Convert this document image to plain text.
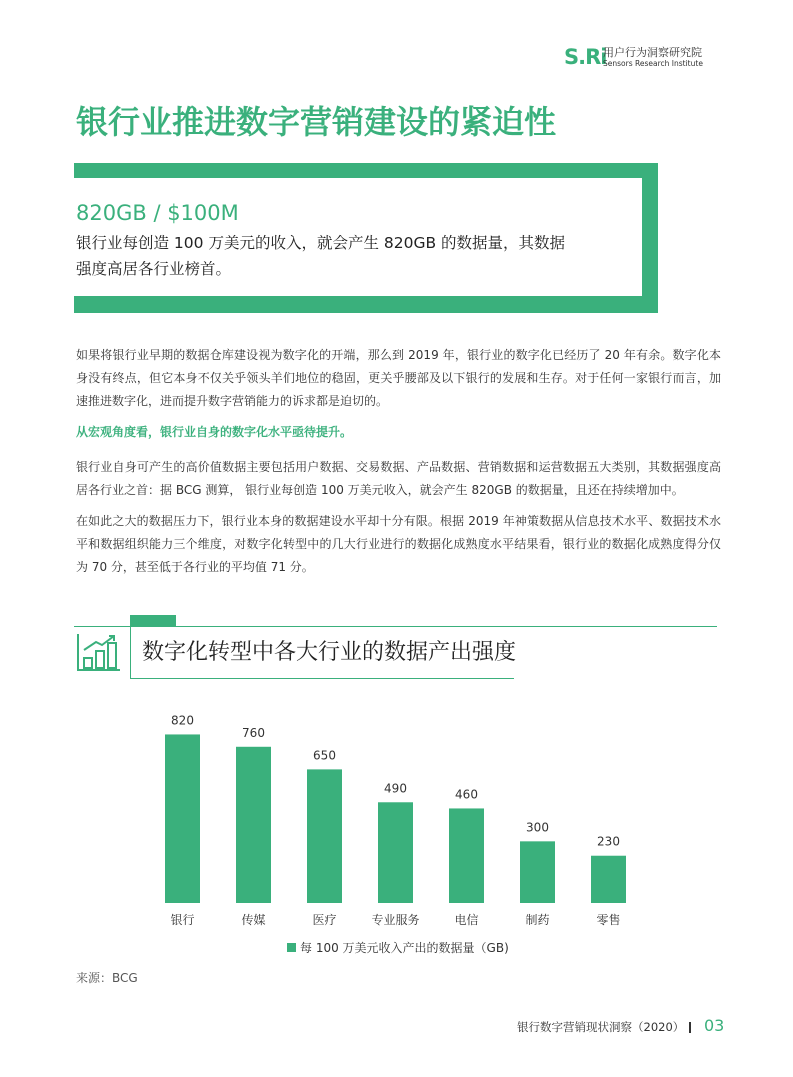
S.Ri
用户行为洞察研究院
Sensors Research Institute
银行业推进数字营销建设的紧迫性
820GB / $100M
银行业每创造 100 万美元的收入，就会产生 820GB 的数据量，其数据强度高居各行业榜首。

如果将银行业早期的数据仓库建设视为数字化的开端，那么到 2019 年，银行业的数字化已经历了 20 年有余。数字化本身没有终点，但它本身不仅关乎领头羊们地位的稳固，更关乎腰部及以下银行的发展和生存。对于任何一家银行而言，加速推进数字化，进而提升数字营销能力的诉求都是迫切的。

从宏观角度看，银行业自身的数字化水平亟待提升。

银行业自身可产生的高价值数据主要包括用户数据、交易数据、产品数据、营销数据和运营数据五大类别，其数据强度高居各行业之首：据 BCG 测算， 银行业每创造 100 万美元收入，就会产生 820GB 的数据量，且还在持续增加中。

在如此之大的数据压力下，银行业本身的数据建设水平却十分有限。根据 2019 年神策数据从信息技术水平、数据技术水平和数据组织能力三个维度，对数字化转型中的几大行业进行的数据化成熟度水平结果看，银行业的数据化成熟度得分仅为 70 分，甚至低于各行业的平均值 71 分。

数字化转型中各大行业的数据产出强度
820
银行
760
传媒
650
医疗
490
专业服务
460
电信
300
制药
230
零售
每 100 万美元收入产出的数据量（GB)
来源：BCG
银行数字营销现状洞察（2020） 03
